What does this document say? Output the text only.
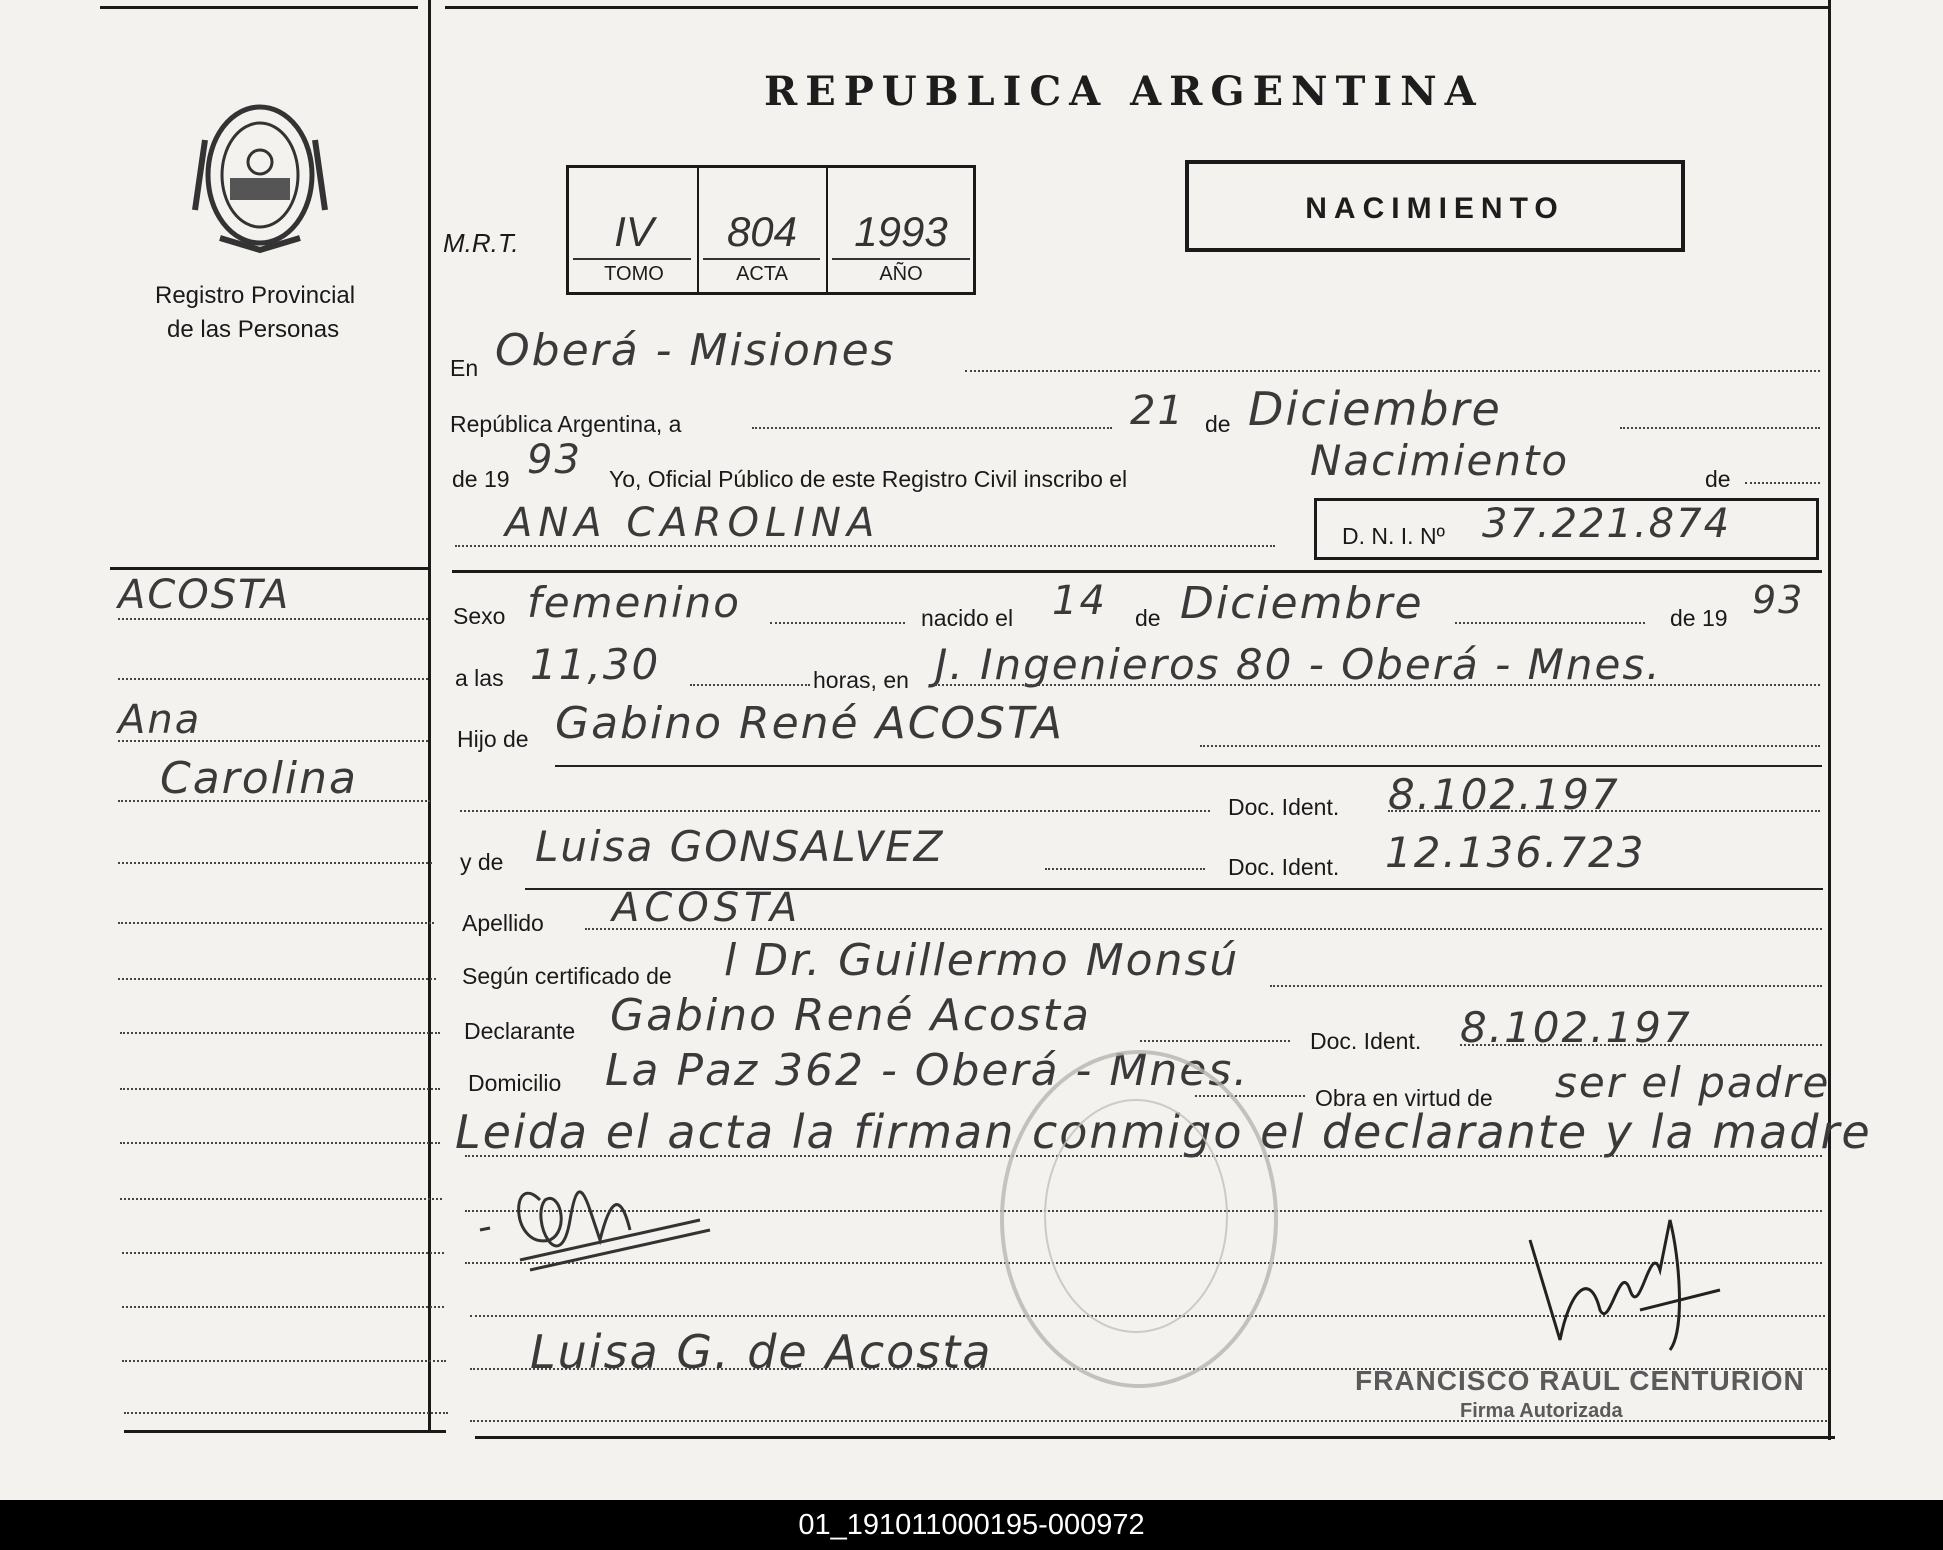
Registro Provincial
de las Personas
REPUBLICA ARGENTINA
M.R.T.	IV	804	1993
TOMO	ACTA	AÑO
NACIMIENTO
En Oberá - Misiones
República Argentina, a	21 de Diciembre
de 19 93 Yo, Oficial Público de este Registro Civil inscribo el	Nacimiento	de
ANA CAROLINA	D. N. I. Nº 37.221.874
ACOSTA
Ana
Carolina
Sexo femenino	nacido el 14 de Diciembre	de 19 93
a las 11,30	horas, en J. Ingenieros 80 - Oberá - Mnes.
Hijo de Gabino René ACOSTA
Doc. Ident. 8.102.197
y de Luisa GONSALVEZ	Doc. Ident. 12.136.723
Apellido ACOSTA
Según certificado de l Dr. Guillermo Monsú
Declarante Gabino René Acosta	Doc. Ident. 8.102.197
Domicilio La Paz 362 - Oberá - Mnes.
Obra en virtud de ser el padre
Leida el acta la firman conmigo el declarante y la madre
Luisa G. de Acosta
FRANCISCO RAUL CENTURION
Firma Autorizada
01_191011000195-000972
